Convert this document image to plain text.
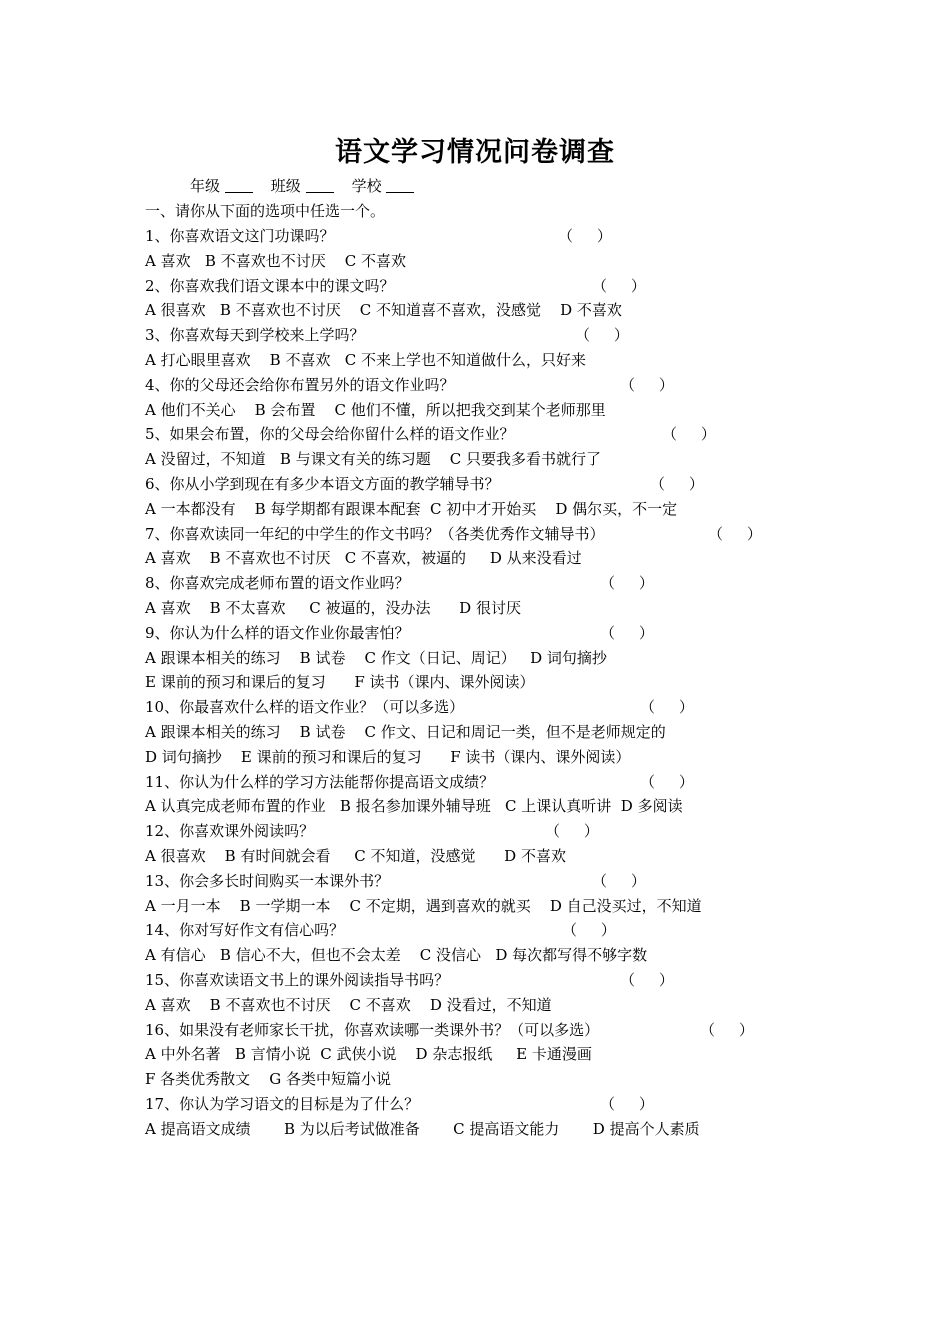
语文学习情况问卷调查
年级	班级	学校
一、请你从下面的选项中任选一个。
1、你喜欢语文这门功课吗？	（     ）
A 喜欢   B 不喜欢也不讨厌    C 不喜欢
2、你喜欢我们语文课本中的课文吗？	（     ）
A 很喜欢   B 不喜欢也不讨厌    C 不知道喜不喜欢，没感觉    D 不喜欢
3、你喜欢每天到学校来上学吗？	（     ）
A 打心眼里喜欢    B 不喜欢   C 不来上学也不知道做什么，只好来
4、你的父母还会给你布置另外的语文作业吗？	（     ）
A 他们不关心    B 会布置    C 他们不懂，所以把我交到某个老师那里
5、如果会布置，你的父母会给你留什么样的语文作业？	（     ）
A 没留过，不知道   B 与课文有关的练习题    C 只要我多看书就行了
6、你从小学到现在有多少本语文方面的教学辅导书？	（     ）
A 一本都没有    B 每学期都有跟课本配套  C 初中才开始买    D 偶尔买，不一定
7、你喜欢读同一年纪的中学生的作文书吗？（各类优秀作文辅导书）	（     ）
A 喜欢    B 不喜欢也不讨厌   C 不喜欢，被逼的     D 从来没看过
8、你喜欢完成老师布置的语文作业吗？	（     ）
A 喜欢    B 不太喜欢     C 被逼的，没办法      D 很讨厌
9、你认为什么样的语文作业你最害怕？	（     ）
A 跟课本相关的练习    B 试卷    C 作文（日记、周记）   D 词句摘抄
E 课前的预习和课后的复习      F 读书（课内、课外阅读）
10、你最喜欢什么样的语文作业？（可以多选）	（     ）
A 跟课本相关的练习    B 试卷    C 作文、日记和周记一类，但不是老师规定的
D 词句摘抄    E 课前的预习和课后的复习      F 读书（课内、课外阅读）
11、你认为什么样的学习方法能帮你提高语文成绩？	（     ）
A 认真完成老师布置的作业   B 报名参加课外辅导班   C 上课认真听讲  D 多阅读
12、你喜欢课外阅读吗？	（     ）
A 很喜欢    B 有时间就会看     C 不知道，没感觉      D 不喜欢
13、你会多长时间购买一本课外书？	（     ）
A 一月一本    B 一学期一本    C 不定期，遇到喜欢的就买    D 自己没买过，不知道
14、你对写好作文有信心吗？	（     ）
A 有信心   B 信心不大，但也不会太差    C 没信心   D 每次都写得不够字数
15、你喜欢读语文书上的课外阅读指导书吗？	（     ）
A 喜欢    B 不喜欢也不讨厌    C 不喜欢    D 没看过，不知道
16、如果没有老师家长干扰，你喜欢读哪一类课外书？（可以多选）	（     ）
A 中外名著   B 言情小说  C 武侠小说    D 杂志报纸     E 卡通漫画
F 各类优秀散文    G 各类中短篇小说
17、你认为学习语文的目标是为了什么？	（     ）
A 提高语文成绩       B 为以后考试做准备       C 提高语文能力       D 提高个人素质
